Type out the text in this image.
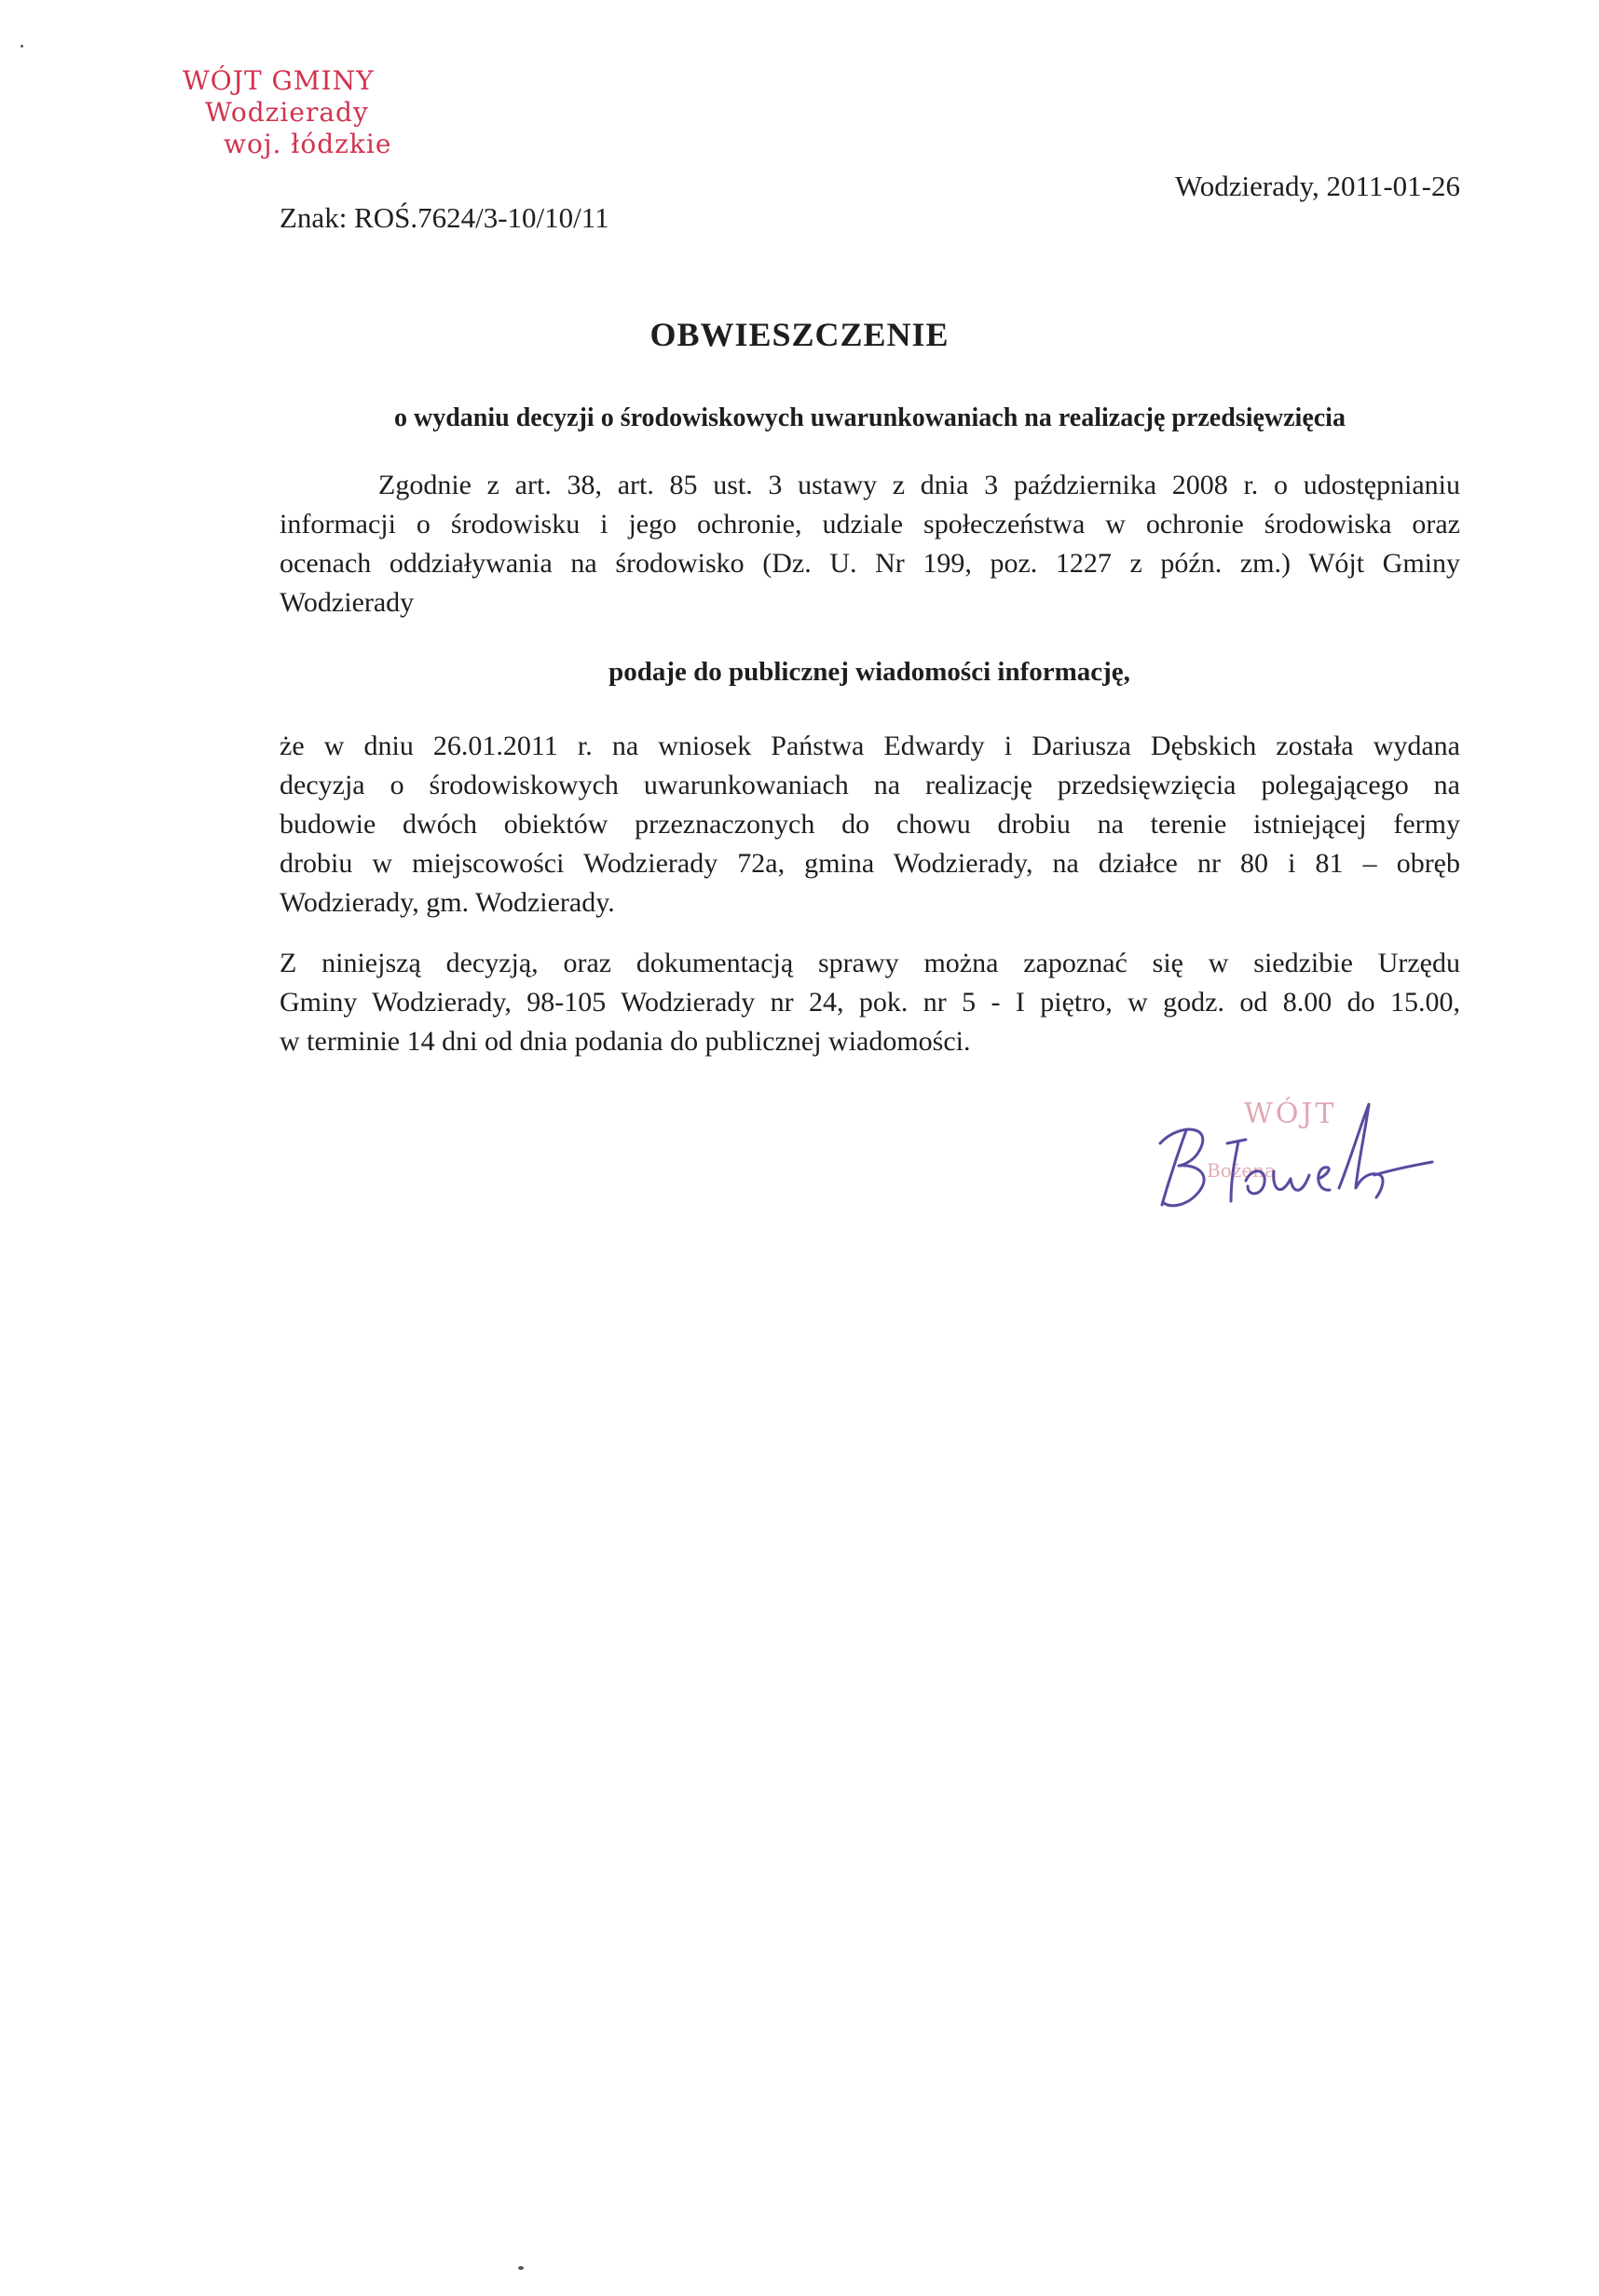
WÓJT GMINY
Wodzierady
woj. łódzkie
Wodzierady, 2011-01-26
Znak: ROŚ.7624/3-10/10/11
OBWIESZCZENIE
o wydaniu decyzji o środowiskowych uwarunkowaniach na realizację przedsięwzięcia
Zgodnie z art. 38, art. 85 ust. 3 ustawy z dnia 3 października 2008 r. o udostępnianiu
informacji o środowisku i jego ochronie, udziale społeczeństwa w ochronie środowiska oraz
ocenach oddziaływania na środowisko (Dz. U. Nr 199, poz. 1227 z późn. zm.) Wójt Gminy
Wodzierady
podaje do publicznej wiadomości informację,
że w dniu 26.01.2011 r. na wniosek Państwa Edwardy i Dariusza Dębskich została wydana
decyzja o środowiskowych uwarunkowaniach na realizację przedsięwzięcia polegającego na
budowie dwóch obiektów przeznaczonych do chowu drobiu na terenie istniejącej fermy
drobiu w miejscowości Wodzierady 72a, gmina Wodzierady, na działce nr 80 i 81 – obręb
Wodzierady, gm. Wodzierady.
Z niniejszą decyzją, oraz dokumentacją sprawy można zapoznać się w siedzibie Urzędu
Gminy Wodzierady, 98-105 Wodzierady nr 24, pok. nr 5 - I piętro, w godz. od 8.00 do 15.00,
w terminie 14 dni od dnia podania do publicznej wiadomości.
WÓJT
Bożena
